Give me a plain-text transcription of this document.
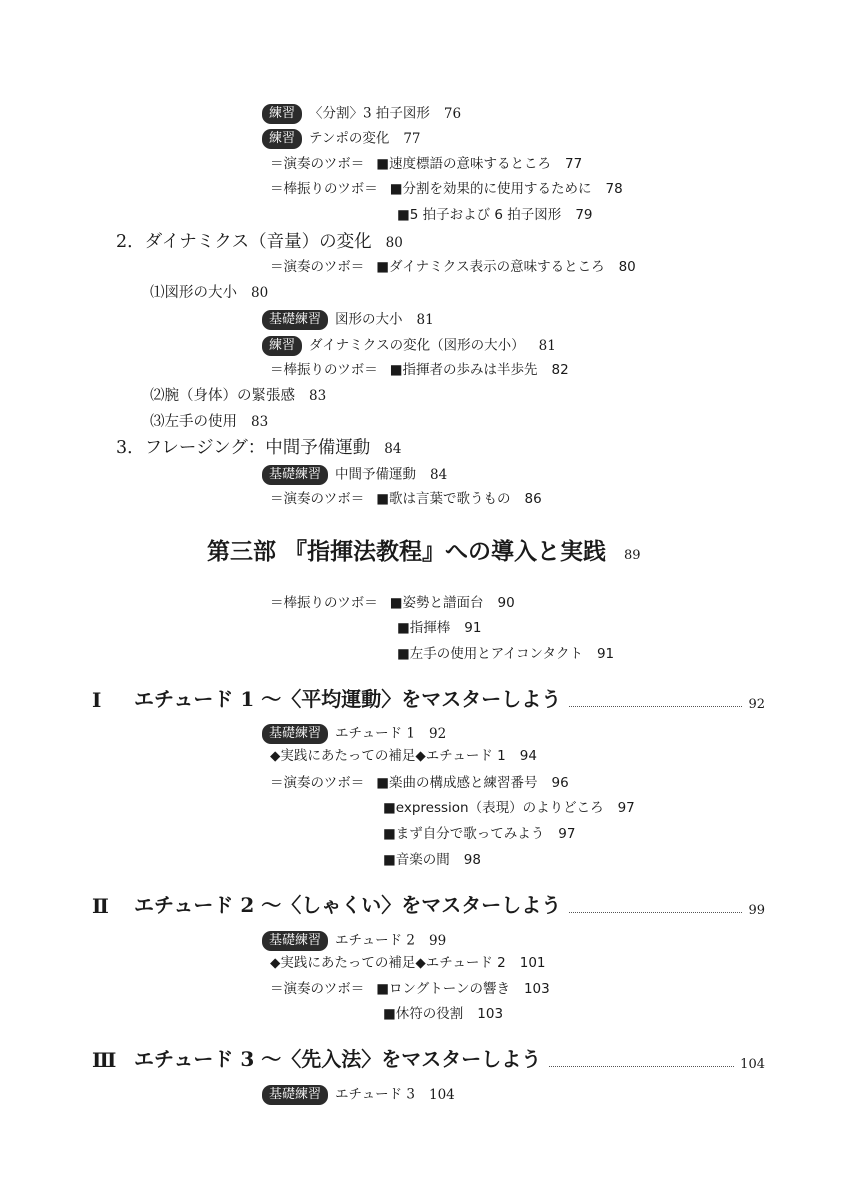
練習 〈分割〉3 拍子図形 76
練習 テンポの変化 77
＝演奏のツボ＝ ■速度標語の意味するところ 77
＝棒振りのツボ＝ ■分割を効果的に使用するために 78
■5 拍子および 6 拍子図形 79
2．ダイナミクス（音量）の変化 80
＝演奏のツボ＝ ■ダイナミクス表示の意味するところ 80
⑴図形の大小 80
基礎練習 図形の大小 81
練習 ダイナミクスの変化（図形の大小） 81
＝棒振りのツボ＝ ■指揮者の歩みは半歩先 82
⑵腕（身体）の緊張感 83
⑶左手の使用 83
3．フレージング：中間予備運動 84
基礎練習 中間予備運動 84
＝演奏のツボ＝ ■歌は言葉で歌うもの 86
第三部 『指揮法教程』への導入と実践 89
＝棒振りのツボ＝ ■姿勢と譜面台 90
■指揮棒 91
■左手の使用とアイコンタクト 91
Ⅰ	エチュード 1 ～〈平均運動〉をマスターしよう	92
基礎練習 エチュード 1 92
◆実践にあたっての補足◆エチュード 1 94
＝演奏のツボ＝ ■楽曲の構成感と練習番号 96
■expression（表現）のよりどころ 97
■まず自分で歌ってみよう 97
■音楽の間 98
Ⅱ	エチュード 2 ～〈しゃくい〉をマスターしよう	99
基礎練習 エチュード 2 99
◆実践にあたっての補足◆エチュード 2 101
＝演奏のツボ＝ ■ロングトーンの響き 103
■休符の役割 103
Ⅲ エチュード 3 ～〈先入法〉をマスターしよう	104
基礎練習 エチュード 3 104
